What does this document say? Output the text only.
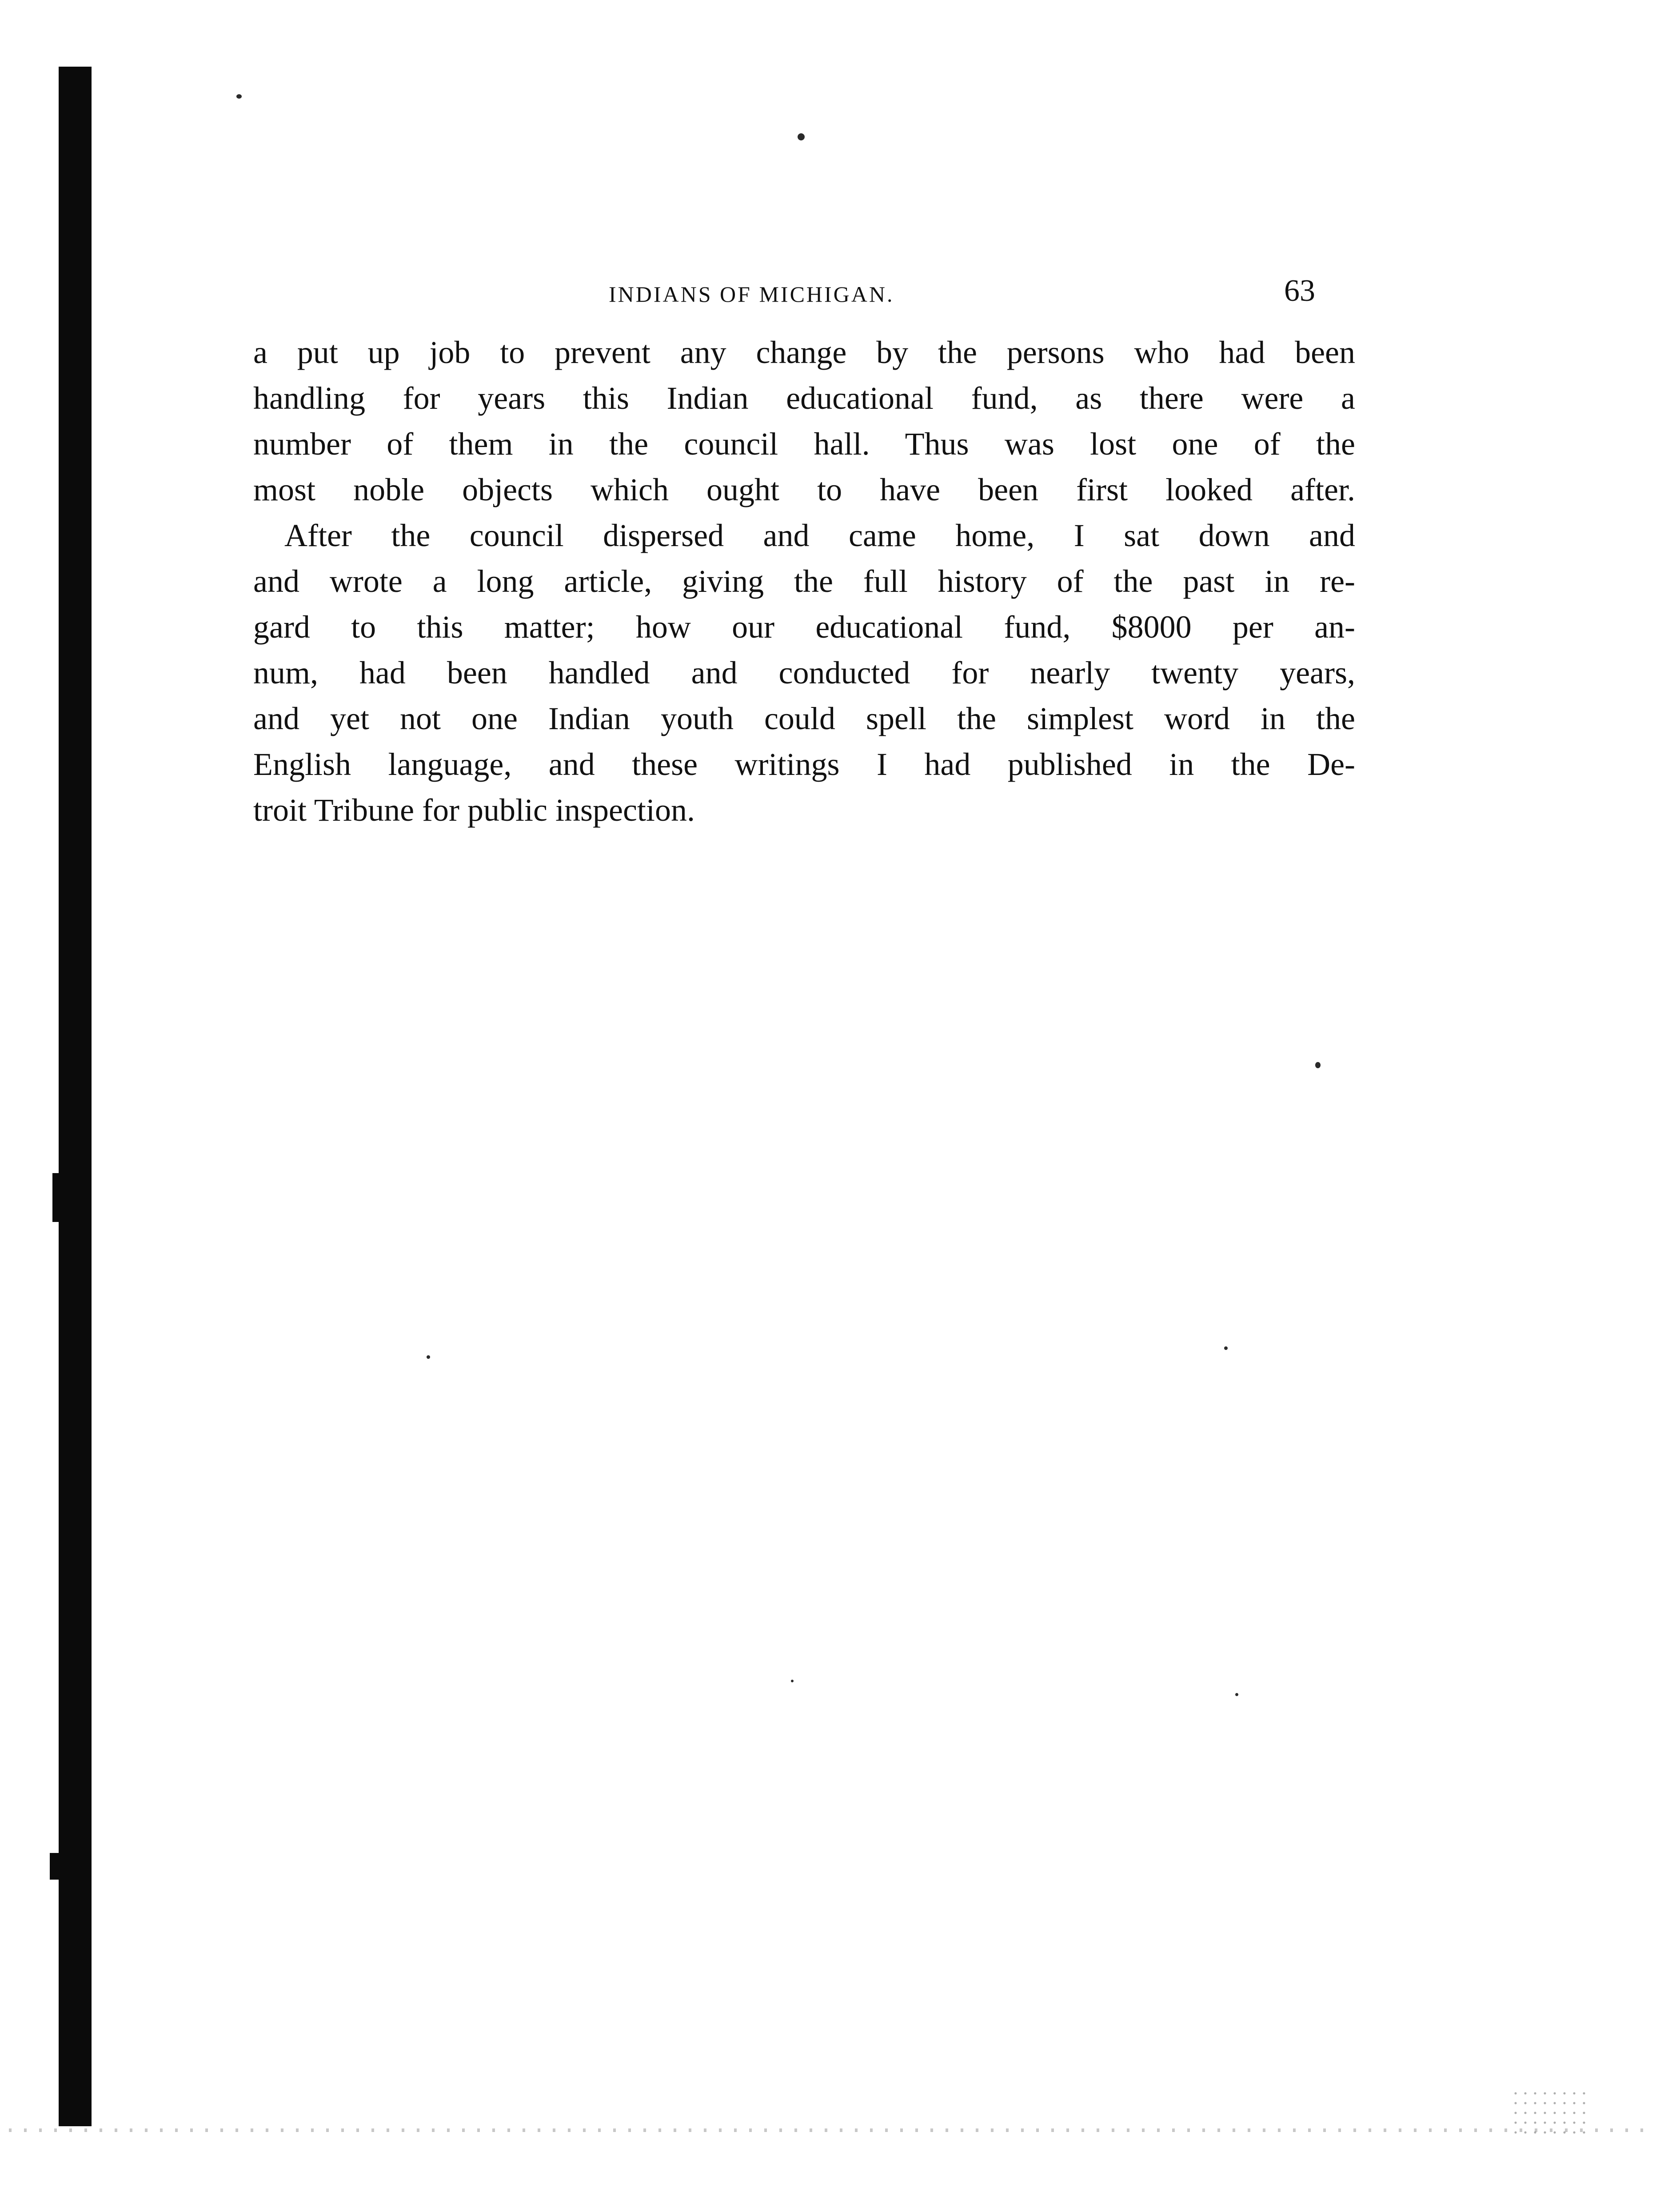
INDIANS OF MICHIGAN.	63
a put up job to prevent any change by the persons who had been
handling for years this Indian educational fund, as there were a
number of them in the council hall. Thus was lost one of the
most noble objects which ought to have been first looked after.
After the council dispersed and came home, I sat down and
and wrote a long article, giving the full history of the past in re-
gard to this matter; how our educational fund, $8000 per an-
num, had been handled and conducted for nearly twenty years,
and yet not one Indian youth could spell the simplest word in the
English language, and these writings I had published in the De-
troit Tribune for public inspection.
